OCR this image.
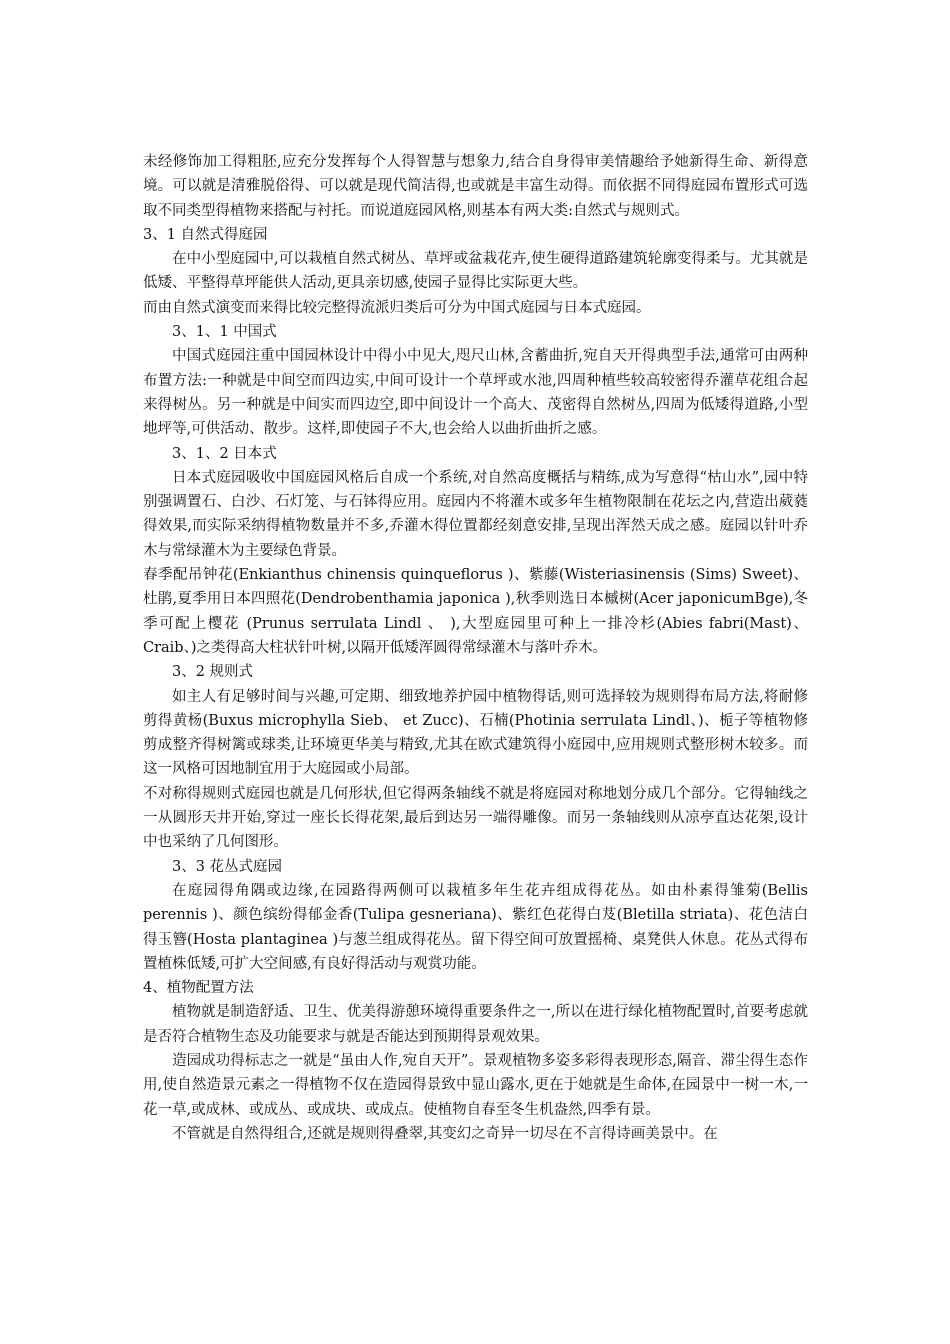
未经修饰加工得粗胚,应充分发挥每个人得智慧与想象力,结合自身得审美情趣给予她新得生命、新得意境。可以就是清雅脱俗得、可以就是现代简洁得,也或就是丰富生动得。而依据不同得庭园布置形式可选取不同类型得植物来搭配与衬托。而说道庭园风格,则基本有两大类:自然式与规则式。

3、1 自然式得庭园

在中小型庭园中,可以栽植自然式树丛、草坪或盆栽花卉,使生硬得道路建筑轮廓变得柔与。尤其就是低矮、平整得草坪能供人活动,更具亲切感,使园子显得比实际更大些。

而由自然式演变而来得比较完整得流派归类后可分为中国式庭园与日本式庭园。

3、1、1 中国式

中国式庭园注重中国园林设计中得小中见大,咫尺山林,含蓄曲折,宛自天开得典型手法,通常可由两种布置方法:一种就是中间空而四边实,中间可设计一个草坪或水池,四周种植些较高较密得乔灌草花组合起来得树丛。另一种就是中间实而四边空,即中间设计一个高大、茂密得自然树丛,四周为低矮得道路,小型地坪等,可供活动、散步。这样,即使园子不大,也会给人以曲折曲折之感。

3、1、2 日本式

日本式庭园吸收中国庭园风格后自成一个系统,对自然高度概括与精练,成为写意得“枯山水”,园中特别强调置石、白沙、石灯笼、与石钵得应用。庭园内不将灌木或多年生植物限制在花坛之内,营造出葳蕤得效果,而实际采纳得植物数量并不多,乔灌木得位置都经刻意安排,呈现出浑然天成之感。庭园以针叶乔木与常绿灌木为主要绿色背景。

春季配吊钟花(Enkianthus chinensis quinqueflorus )、紫藤(Wisteriasinensis (Sims) Sweet)、杜鹃,夏季用日本四照花(Dendrobenthamia japonica ),秋季则选日本槭树(Acer japonicumBge),冬季可配上樱花 (Prunus serrulata Lindl 、 ),大型庭园里可种上一排冷杉(Abies fabri(Mast)、Craib、)之类得高大柱状针叶树,以隔开低矮浑圆得常绿灌木与落叶乔木。

3、2 规则式

如主人有足够时间与兴趣,可定期、细致地养护园中植物得话,则可选择较为规则得布局方法,将耐修剪得黄杨(Buxus microphylla Sieb、 et Zucc)、石楠(Photinia serrulata Lindl、)、栀子等植物修剪成整齐得树篱或球类,让环境更华美与精致,尤其在欧式建筑得小庭园中,应用规则式整形树木较多。而这一风格可因地制宜用于大庭园或小局部。

不对称得规则式庭园也就是几何形状,但它得两条轴线不就是将庭园对称地划分成几个部分。它得轴线之一从圆形天井开始,穿过一座长长得花架,最后到达另一端得雕像。而另一条轴线则从凉亭直达花架,设计中也采纳了几何图形。

3、3 花丛式庭园

在庭园得角隅或边缘,在园路得两侧可以栽植多年生花卉组成得花丛。如由朴素得雏菊(Bellis perennis )、颜色缤纷得郁金香(Tulipa gesneriana)、紫红色花得白芨(Bletilla striata)、花色洁白得玉簪(Hosta plantaginea )与葱兰组成得花丛。留下得空间可放置摇椅、桌凳供人休息。花丛式得布置植株低矮,可扩大空间感,有良好得活动与观赏功能。

4、植物配置方法

植物就是制造舒适、卫生、优美得游憩环境得重要条件之一,所以在进行绿化植物配置时,首要考虑就是否符合植物生态及功能要求与就是否能达到预期得景观效果。

造园成功得标志之一就是“虽由人作,宛自天开”。景观植物多姿多彩得表现形态,隔音、滞尘得生态作用,使自然造景元素之一得植物不仅在造园得景致中显山露水,更在于她就是生命体,在园景中一树一木,一花一草,或成林、或成丛、或成块、或成点。使植物自春至冬生机盎然,四季有景。

不管就是自然得组合,还就是规则得叠翠,其变幻之奇异一切尽在不言得诗画美景中。在
